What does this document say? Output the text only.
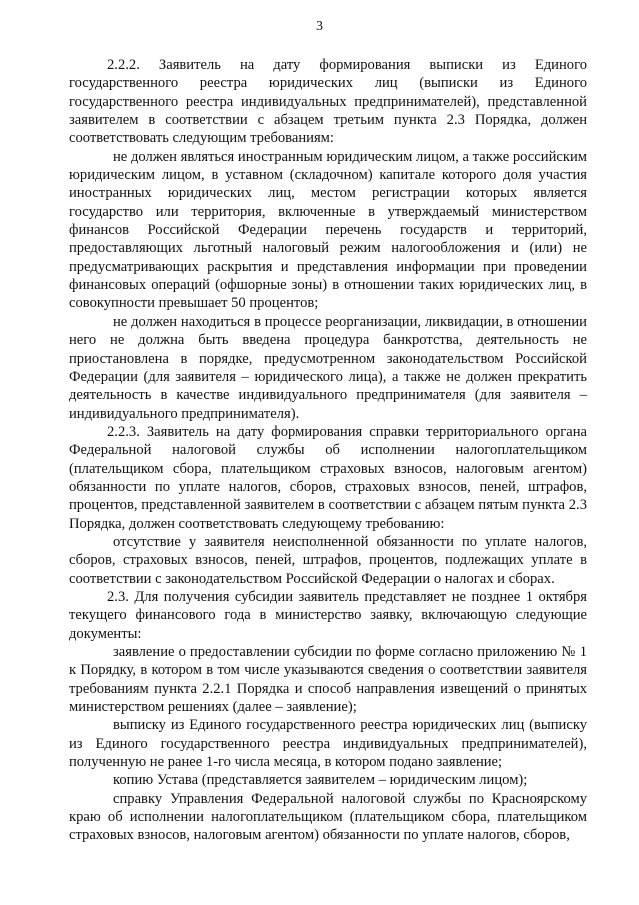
3

2.2.2. Заявитель на дату формирования выписки из Единого государственного реестра юридических лиц (выписки из Единого государственного реестра индивидуальных предпринимателей), представленной заявителем в соответствии с абзацем третьим пункта 2.3 Порядка, должен соответствовать следующим требованиям:

не должен являться иностранным юридическим лицом, а также российским юридическим лицом, в уставном (складочном) капитале которого доля участия иностранных юридических лиц, местом регистрации которых является государство или территория, включенные в утверждаемый министерством финансов Российской Федерации перечень государств и территорий, предоставляющих льготный налоговый режим налогообложения и (или) не предусматривающих раскрытия и представления информации при проведении финансовых операций (офшорные зоны) в отношении таких юридических лиц, в совокупности превышает 50 процентов;

не должен находиться в процессе реорганизации, ликвидации, в отношении него не должна быть введена процедура банкротства, деятельность не приостановлена в порядке, предусмотренном законодательством Российской Федерации (для заявителя – юридического лица), а также не должен прекратить деятельность в качестве индивидуального предпринимателя (для заявителя – индивидуального предпринимателя).

2.2.3. Заявитель на дату формирования справки территориального органа Федеральной налоговой службы об исполнении налогоплательщиком (плательщиком сбора, плательщиком страховых взносов, налоговым агентом) обязанности по уплате налогов, сборов, страховых взносов, пеней, штрафов, процентов, представленной заявителем в соответствии с абзацем пятым пункта 2.3 Порядка, должен соответствовать следующему требованию:

отсутствие у заявителя неисполненной обязанности по уплате налогов, сборов, страховых взносов, пеней, штрафов, процентов, подлежащих уплате в соответствии с законодательством Российской Федерации о налогах и сборах.

2.3. Для получения субсидии заявитель представляет не позднее 1 октября текущего финансового года в министерство заявку, включающую следующие документы:

заявление о предоставлении субсидии по форме согласно приложению № 1 к Порядку, в котором в том числе указываются сведения о соответствии заявителя требованиям пункта 2.2.1 Порядка и способ направления извещений о принятых министерством решениях (далее – заявление);

выписку из Единого государственного реестра юридических лиц (выписку из Единого государственного реестра индивидуальных предпринимателей), полученную не ранее 1-го числа месяца, в котором подано заявление;

копию Устава (представляется заявителем – юридическим лицом);

справку Управления Федеральной налоговой службы по Красноярскому краю об исполнении налогоплательщиком (плательщиком сбора, плательщиком страховых взносов, налоговым агентом) обязанности по уплате налогов, сборов,
